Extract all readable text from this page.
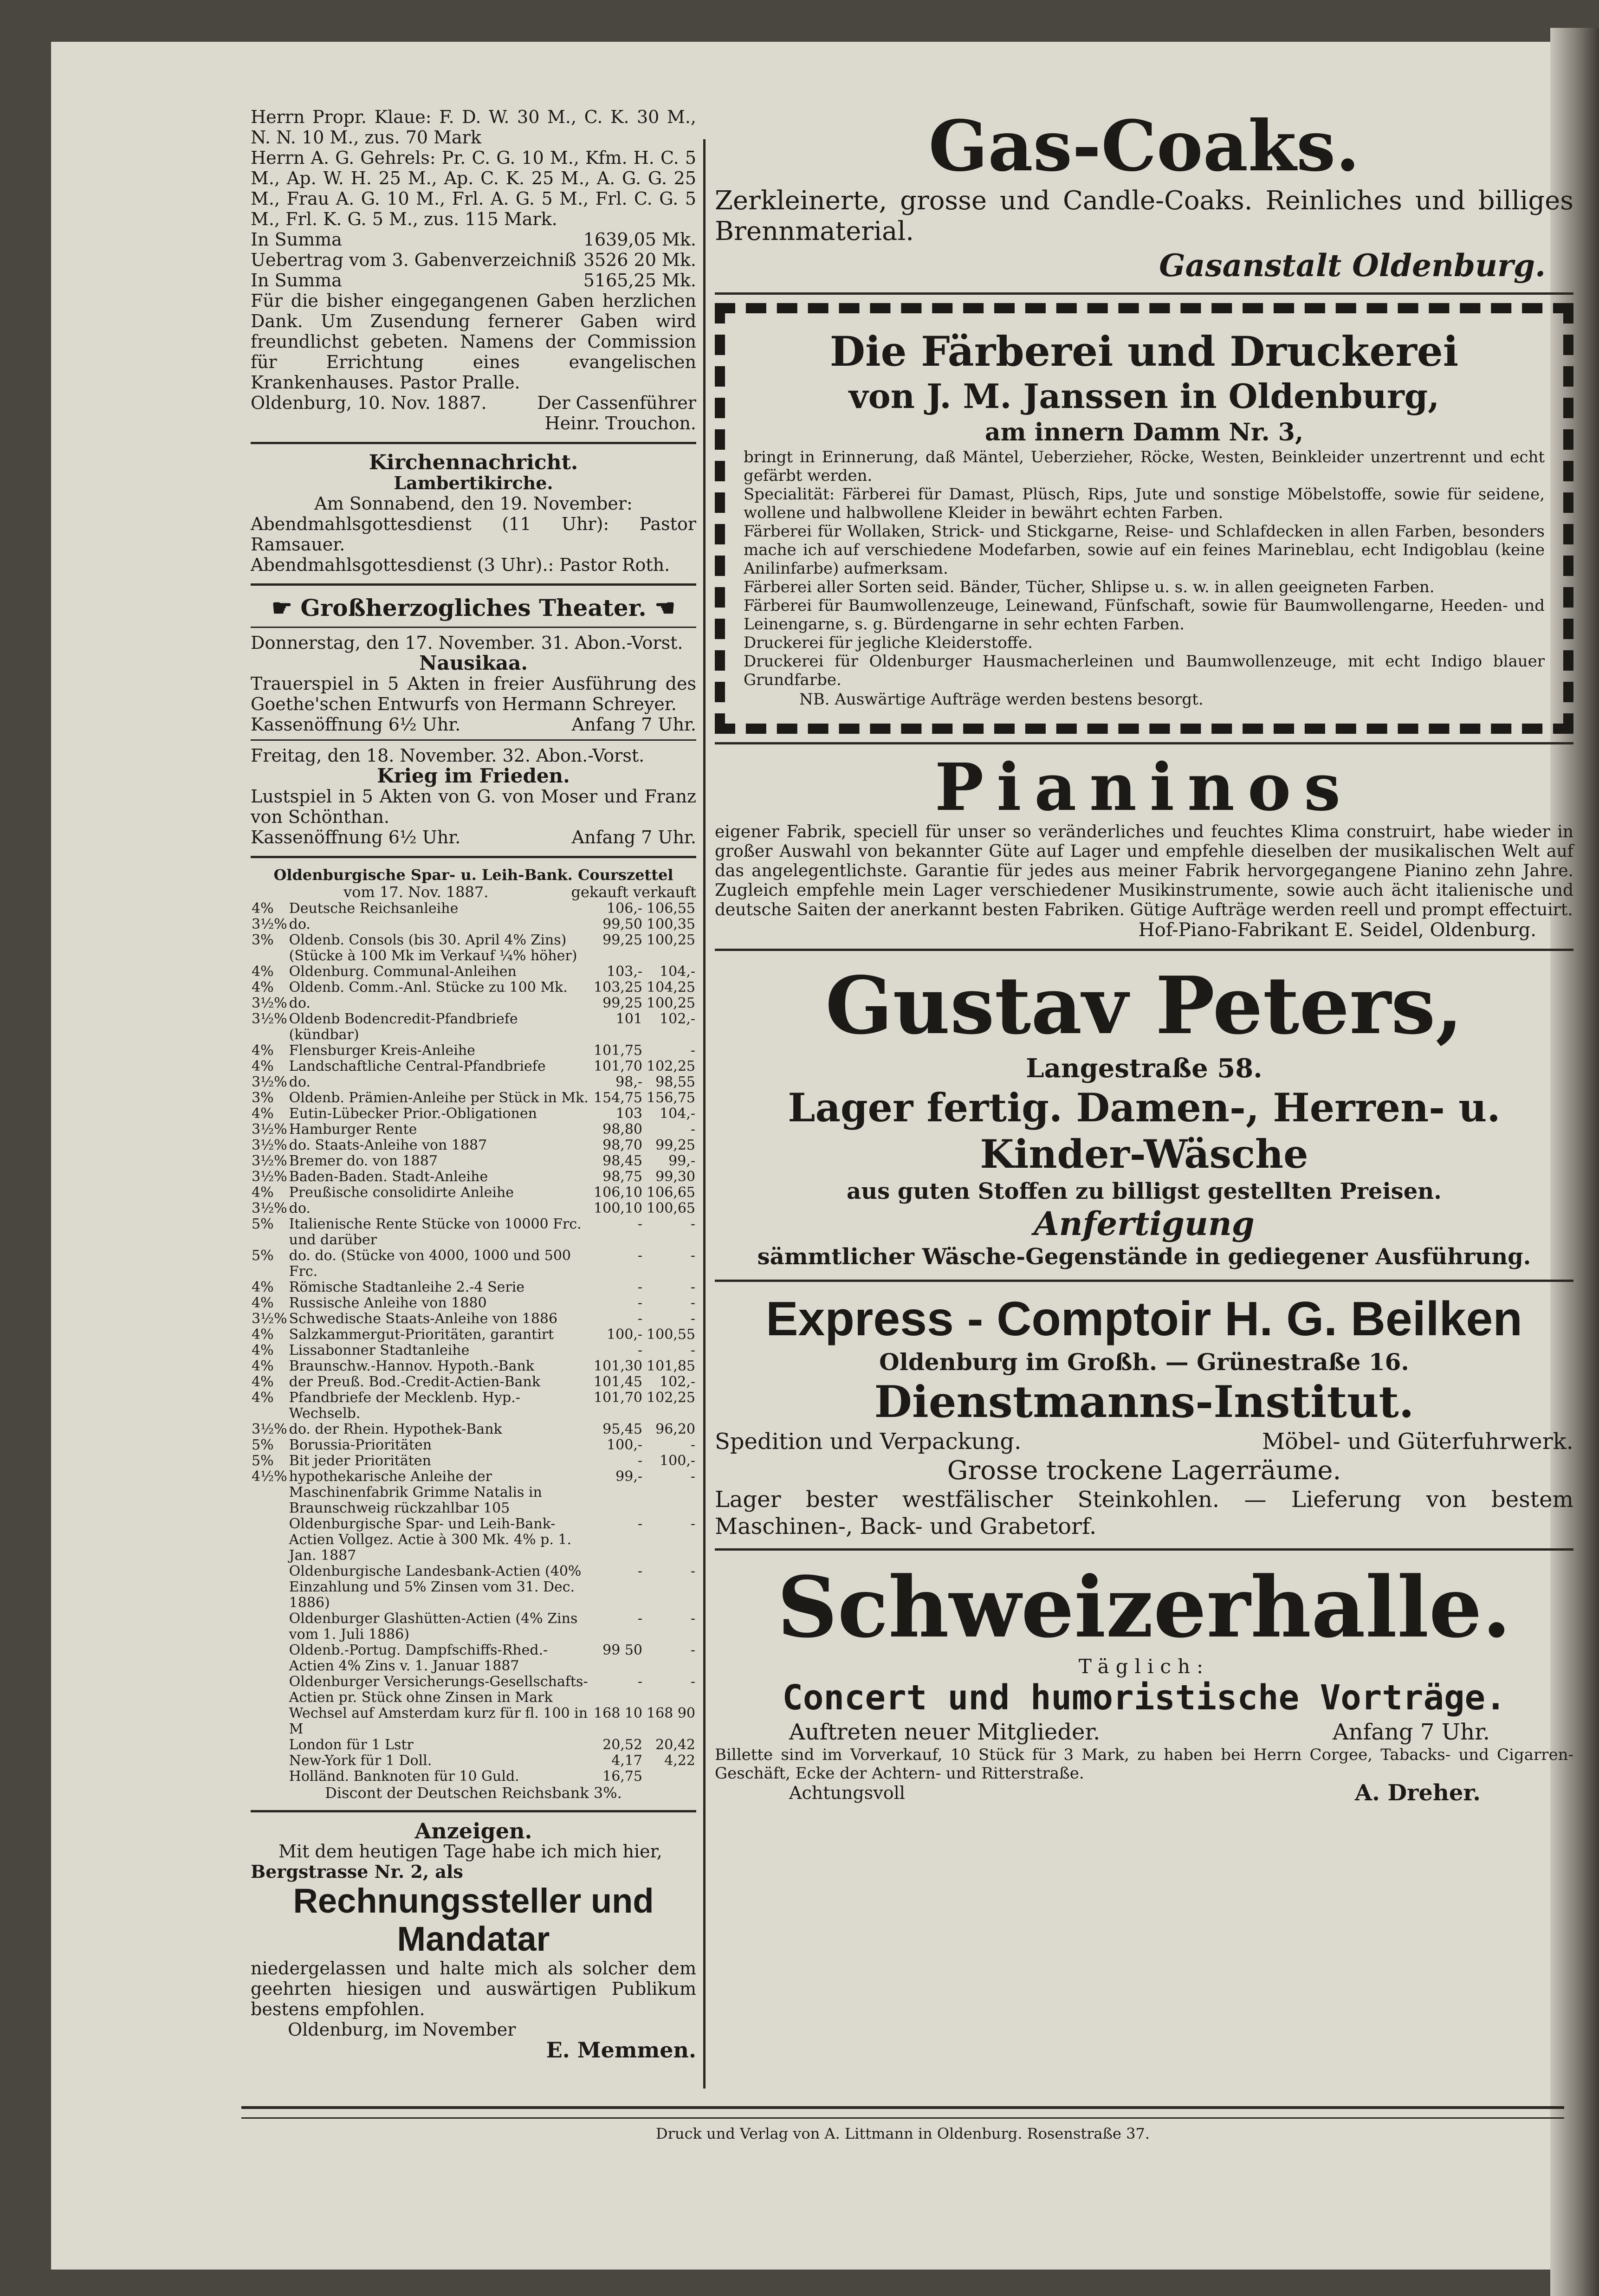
Herrn Propr. Klaue: F. D. W. 30 M., C. K. 30 M., N. N. 10 M., zus. 70 Mark

Herrn A. G. Gehrels: Pr. C. G. 10 M., Kfm. H. C. 5 M., Ap. W. H. 25 M., Ap. C. K. 25 M., A. G. G. 25 M., Frau A. G. 10 M., Frl. A. G. 5 M., Frl. C. G. 5 M., Frl. K. G. 5 M., zus. 115 Mark.

In Summa	1639,05 Mk.
Uebertrag vom 3. Gabenverzeichniß 3526 20 Mk.
In Summa	5165,25 Mk.

Für die bisher eingegangenen Gaben herzlichen Dank. Um Zusendung fernerer Gaben wird freundlichst gebeten. Namens der Commission für Errichtung eines evangelischen Krankenhauses. Pastor Pralle.

Oldenburg, 10. Nov. 1887.	Der Cassenführer

Heinr. Trouchon.

Kirchennachricht.

Lambertikirche.

Am Sonnabend, den 19. November:

Abendmahlsgottesdienst (11 Uhr): Pastor Ramsauer.

Abendmahlsgottesdienst (3 Uhr).: Pastor Roth.

☛ Großherzogliches Theater. ☚

Donnerstag, den 17. November. 31. Abon.-Vorst.

Nausikaa.

Trauerspiel in 5 Akten in freier Ausführung des Goethe'schen Entwurfs von Hermann Schreyer.

Kassenöffnung 6½ Uhr.	Anfang 7 Uhr.

Freitag, den 18. November. 32. Abon.-Vorst.

Krieg im Frieden.

Lustspiel in 5 Akten von G. von Moser und Franz von Schönthan.

Kassenöffnung 6½ Uhr.	Anfang 7 Uhr.

Oldenburgische Spar- u. Leih-Bank. Courszettel

vom 17. Nov. 1887.	gekauft verkauft
4%	Deutsche Reichsanleihe	106,-	106,55
3½%	do.	99,50	100,35
3%	Oldenb. Consols (bis 30. April 4% Zins) (Stücke à 100 Mk im Verkauf ¼% höher)	99,25	100,25
4%	Oldenburg. Communal-Anleihen	103,-	104,-
4%	Oldenb. Comm.-Anl. Stücke zu 100 Mk.	103,25	104,25
3½%	do.	99,25	100,25
3½%	Oldenb Bodencredit-Pfandbriefe (kündbar)	101	102,-
4%	Flensburger Kreis-Anleihe	101,75	-
4%	Landschaftliche Central-Pfandbriefe	101,70	102,25
3½%	do.	98,-	98,55
3%	Oldenb. Prämien-Anleihe per Stück in Mk.	154,75	156,75
4%	Eutin-Lübecker Prior.-Obligationen	103	104,-
3½%	Hamburger Rente	98,80	-
3½%	do. Staats-Anleihe von 1887	98,70	99,25
3½%	Bremer do. von 1887	98,45	99,-
3½%	Baden-Baden. Stadt-Anleihe	98,75	99,30
4%	Preußische consolidirte Anleihe	106,10	106,65
3½%	do.	100,10	100,65
5%	Italienische Rente Stücke von 10000 Frc. und darüber	-	-
5%	do. do. (Stücke von 4000, 1000 und 500 Frc.	-	-
4%	Römische Stadtanleihe 2.-4 Serie	-	-
4%	Russische Anleihe von 1880	-	-
3½%	Schwedische Staats-Anleihe von 1886	-	-
4%	Salzkammergut-Prioritäten, garantirt	100,-	100,55
4%	Lissabonner Stadtanleihe	-	-
4%	Braunschw.-Hannov. Hypoth.-Bank	101,30	101,85
4%	der Preuß. Bod.-Credit-Actien-Bank	101,45	102,-
4%	Pfandbriefe der Mecklenb. Hyp.-Wechselb.	101,70	102,25
3½%	do. der Rhein. Hypothek-Bank	95,45	96,20
5%	Borussia-Prioritäten	100,-	-
5%	Bit jeder Prioritäten	-	100,-
4½%	hypothekarische Anleihe der Maschinenfabrik Grimme Natalis in Braunschweig rückzahlbar 105	99,-	-
	Oldenburgische Spar- und Leih-Bank-Actien Vollgez. Actie à 300 Mk. 4% p. 1. Jan. 1887	-	-
	Oldenburgische Landesbank-Actien (40% Einzahlung und 5% Zinsen vom 31. Dec. 1886)	-	-
	Oldenburger Glashütten-Actien (4% Zins vom 1. Juli 1886)	-	-
	Oldenb.-Portug. Dampfschiffs-Rhed.-Actien 4% Zins v. 1. Januar 1887	99 50	-
	Oldenburger Versicherungs-Gesellschafts-Actien pr. Stück ohne Zinsen in Mark	-	-
	Wechsel auf Amsterdam kurz für fl. 100 in M	168 10	168 90
	London für 1 Lstr	20,52	20,42
	New-York für 1 Doll.	4,17	4,22
	Holländ. Banknoten für 10 Guld.	16,75	

Discont der Deutschen Reichsbank 3%.

Anzeigen.

Mit dem heutigen Tage habe ich mich hier,

Bergstrasse Nr. 2, als

Rechnungssteller und

Mandatar

niedergelassen und halte mich als solcher dem geehrten hiesigen und auswärtigen Publikum bestens empfohlen.

Oldenburg, im November

E. Memmen.

Gas-Coaks.

Zerkleinerte, grosse und Candle-Coaks. Reinliches und billiges Brennmaterial.

Gasanstalt Oldenburg.

Die Färberei und Druckerei

von J. M. Janssen in Oldenburg,

am innern Damm Nr. 3,

bringt in Erinnerung, daß Mäntel, Ueberzieher, Röcke, Westen, Beinkleider unzertrennt und echt gefärbt werden.

Specialität: Färberei für Damast, Plüsch, Rips, Jute und sonstige Möbelstoffe, sowie für seidene, wollene und halbwollene Kleider in bewährt echten Farben.

Färberei für Wollaken, Strick- und Stickgarne, Reise- und Schlafdecken in allen Farben, besonders mache ich auf verschiedene Modefarben, sowie auf ein feines Marineblau, echt Indigoblau (keine Anilinfarbe) aufmerksam.

Färberei aller Sorten seid. Bänder, Tücher, Shlipse u. s. w. in allen geeigneten Farben.

Färberei für Baumwollenzeuge, Leinewand, Fünfschaft, sowie für Baumwollengarne, Heeden- und Leinengarne, s. g. Bürdengarne in sehr echten Farben.

Druckerei für jegliche Kleiderstoffe.

Druckerei für Oldenburger Hausmacherleinen und Baumwollenzeuge, mit echt Indigo blauer Grundfarbe.

NB. Auswärtige Aufträge werden bestens besorgt.

Pianinos

eigener Fabrik, speciell für unser so veränderliches und feuchtes Klima construirt, habe wieder in großer Auswahl von bekannter Güte auf Lager und empfehle dieselben der musikalischen Welt auf das angelegentlichste. Garantie für jedes aus meiner Fabrik hervorgegangene Pianino zehn Jahre. Zugleich empfehle mein Lager verschiedener Musikinstrumente, sowie auch ächt italienische und deutsche Saiten der anerkannt besten Fabriken. Gütige Aufträge werden reell und prompt effectuirt.

Hof-Piano-Fabrikant E. Seidel, Oldenburg.

Gustav Peters,

Langestraße 58.

Lager fertig. Damen-, Herren- u. Kinder-Wäsche

aus guten Stoffen zu billigst gestellten Preisen.

Anfertigung

sämmtlicher Wäsche-Gegenstände in gediegener Ausführung.

Express - Comptoir H. G. Beilken

Oldenburg im Großh. — Grünestraße 16.

Dienstmanns-Institut.

Spedition und Verpackung.	Möbel- und Güterfuhrwerk.

Grosse trockene Lagerräume.

Lager bester westfälischer Steinkohlen. — Lieferung von bestem Maschinen-, Back- und Grabetorf.

Schweizerhalle.

Täglich:

Concert und humoristische Vorträge.

Auftreten neuer Mitglieder.	Anfang 7 Uhr.

Billette sind im Vorverkauf, 10 Stück für 3 Mark, zu haben bei Herrn Corgee, Tabacks- und Cigarren-Geschäft, Ecke der Achtern- und Ritterstraße.

Achtungsvoll	A. Dreher.

Druck und Verlag von A. Littmann in Oldenburg. Rosenstraße 37.
